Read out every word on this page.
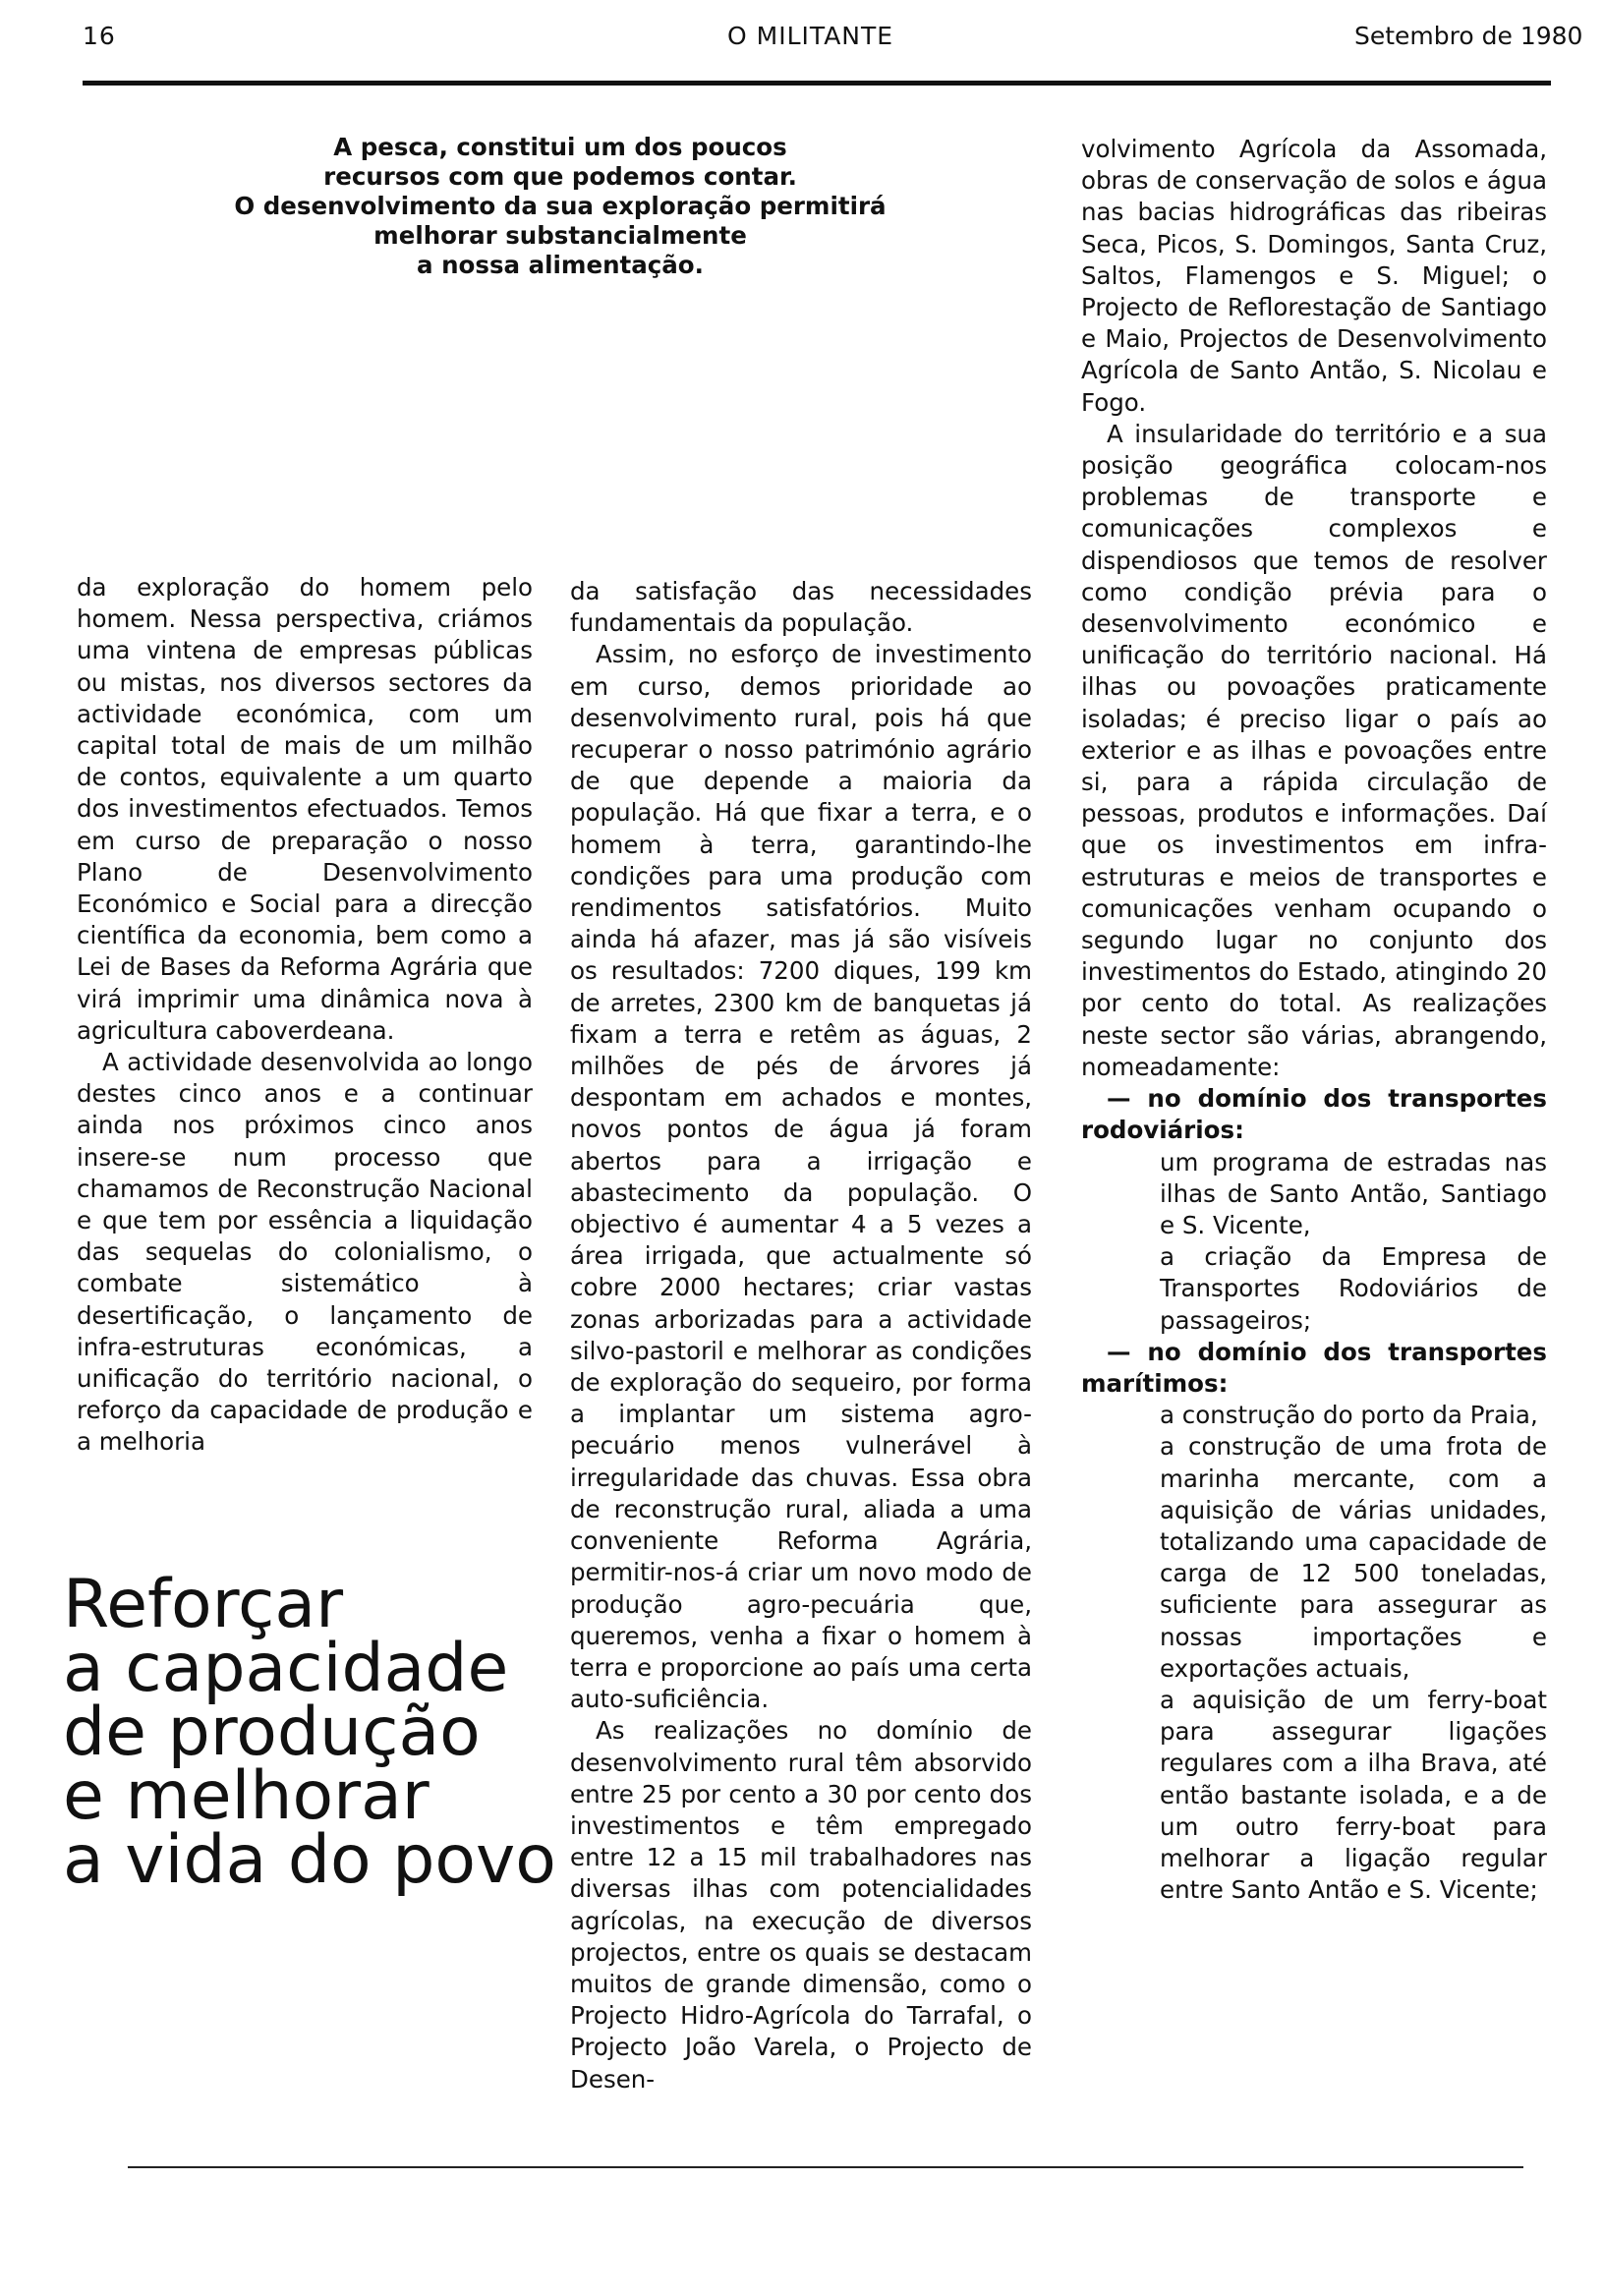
16	O MILITANTE	Setembro de 1980
A pesca, constitui um dos poucos
recursos com que podemos contar.
O desenvolvimento da sua exploração permitirá
melhorar substancialmente
a nossa alimentação.

da exploração do homem pelo homem. Nessa perspectiva, criámos uma vintena de empresas públicas ou mistas, nos diversos sectores da actividade económica, com um capital total de mais de um milhão de contos, equivalente a um quarto dos investimentos efectuados. Temos em curso de preparação o nosso Plano de Desenvolvimento Económico e Social para a direcção científica da economia, bem como a Lei de Bases da Reforma Agrária que virá imprimir uma dinâmica nova à agricultura caboverdeana.

A actividade desenvolvida ao longo destes cinco anos e a continuar ainda nos próximos cinco anos insere-se num processo que chamamos de Reconstrução Nacional e que tem por essência a liquidação das sequelas do colonialismo, o combate sistemático à desertificação, o lançamento de infra-estruturas económicas, a unificação do território nacional, o reforço da capacidade de produção e a melhoria

Reforçar
a capacidade
de produção
e melhorar
a vida do povo

da satisfação das necessidades fundamentais da população.

Assim, no esforço de investimento em curso, demos prioridade ao desenvolvimento rural, pois há que recuperar o nosso património agrário de que depende a maioria da população. Há que fixar a terra, e o homem à terra, garantindo-lhe condições para uma produção com rendimentos satisfatórios. Muito ainda há afazer, mas já são visíveis os resultados: 7200 diques, 199 km de arretes, 2300 km de banquetas já fixam a terra e retêm as águas, 2 milhões de pés de árvores já despontam em achados e montes, novos pontos de água já foram abertos para a irrigação e abastecimento da população. O objectivo é aumentar 4 a 5 vezes a área irrigada, que actualmente só cobre 2000 hectares; criar vastas zonas arborizadas para a actividade silvo-pastoril e melhorar as condições de exploração do sequeiro, por forma a implantar um sistema agro-pecuário menos vulnerável à irregularidade das chuvas. Essa obra de reconstrução rural, aliada a uma conveniente Reforma Agrária, permitir-nos-á criar um novo modo de produção agro-pecuária que, queremos, venha a fixar o homem à terra e proporcione ao país uma certa auto-suficiência.

As realizações no domínio de desenvolvimento rural têm absorvido entre 25 por cento a 30 por cento dos investimentos e têm empregado entre 12 a 15 mil trabalhadores nas diversas ilhas com potencialidades agrícolas, na execução de diversos projectos, entre os quais se destacam muitos de grande dimensão, como o Projecto Hidro-Agrícola do Tarrafal, o Projecto João Varela, o Projecto de Desen-

volvimento Agrícola da Assomada, obras de conservação de solos e água nas bacias hidrográficas das ribeiras Seca, Picos, S. Domingos, Santa Cruz, Saltos, Flamengos e S. Miguel; o Projecto de Reflorestação de Santiago e Maio, Projectos de Desenvolvimento Agrícola de Santo Antão, S. Nicolau e Fogo.

A insularidade do território e a sua posição geográfica colocam-nos problemas de transporte e comunicações complexos e dispendiosos que temos de resolver como condição prévia para o desenvolvimento económico e unificação do território nacional. Há ilhas ou povoações praticamente isoladas; é preciso ligar o país ao exterior e as ilhas e povoações entre si, para a rápida circulação de pessoas, produtos e informações. Daí que os investimentos em infra-estruturas e meios de transportes e comunicações venham ocupando o segundo lugar no conjunto dos investimentos do Estado, atingindo 20 por cento do total. As realizações neste sector são várias, abrangendo, nomeadamente:

— no domínio dos transportes rodoviários:

um programa de estradas nas ilhas de Santo Antão, Santiago e S. Vicente,

a criação da Empresa de Transportes Rodoviários de passageiros;

— no domínio dos transportes marítimos:

a construção do porto da Praia,

a construção de uma frota de marinha mercante, com a aquisição de várias unidades, totalizando uma capacidade de carga de 12 500 toneladas, suficiente para assegurar as nossas importações e exportações actuais,

a aquisição de um ferry-boat para assegurar ligações regulares com a ilha Brava, até então bastante isolada, e a de um outro ferry-boat para melhorar a ligação regular entre Santo Antão e S. Vicente;
